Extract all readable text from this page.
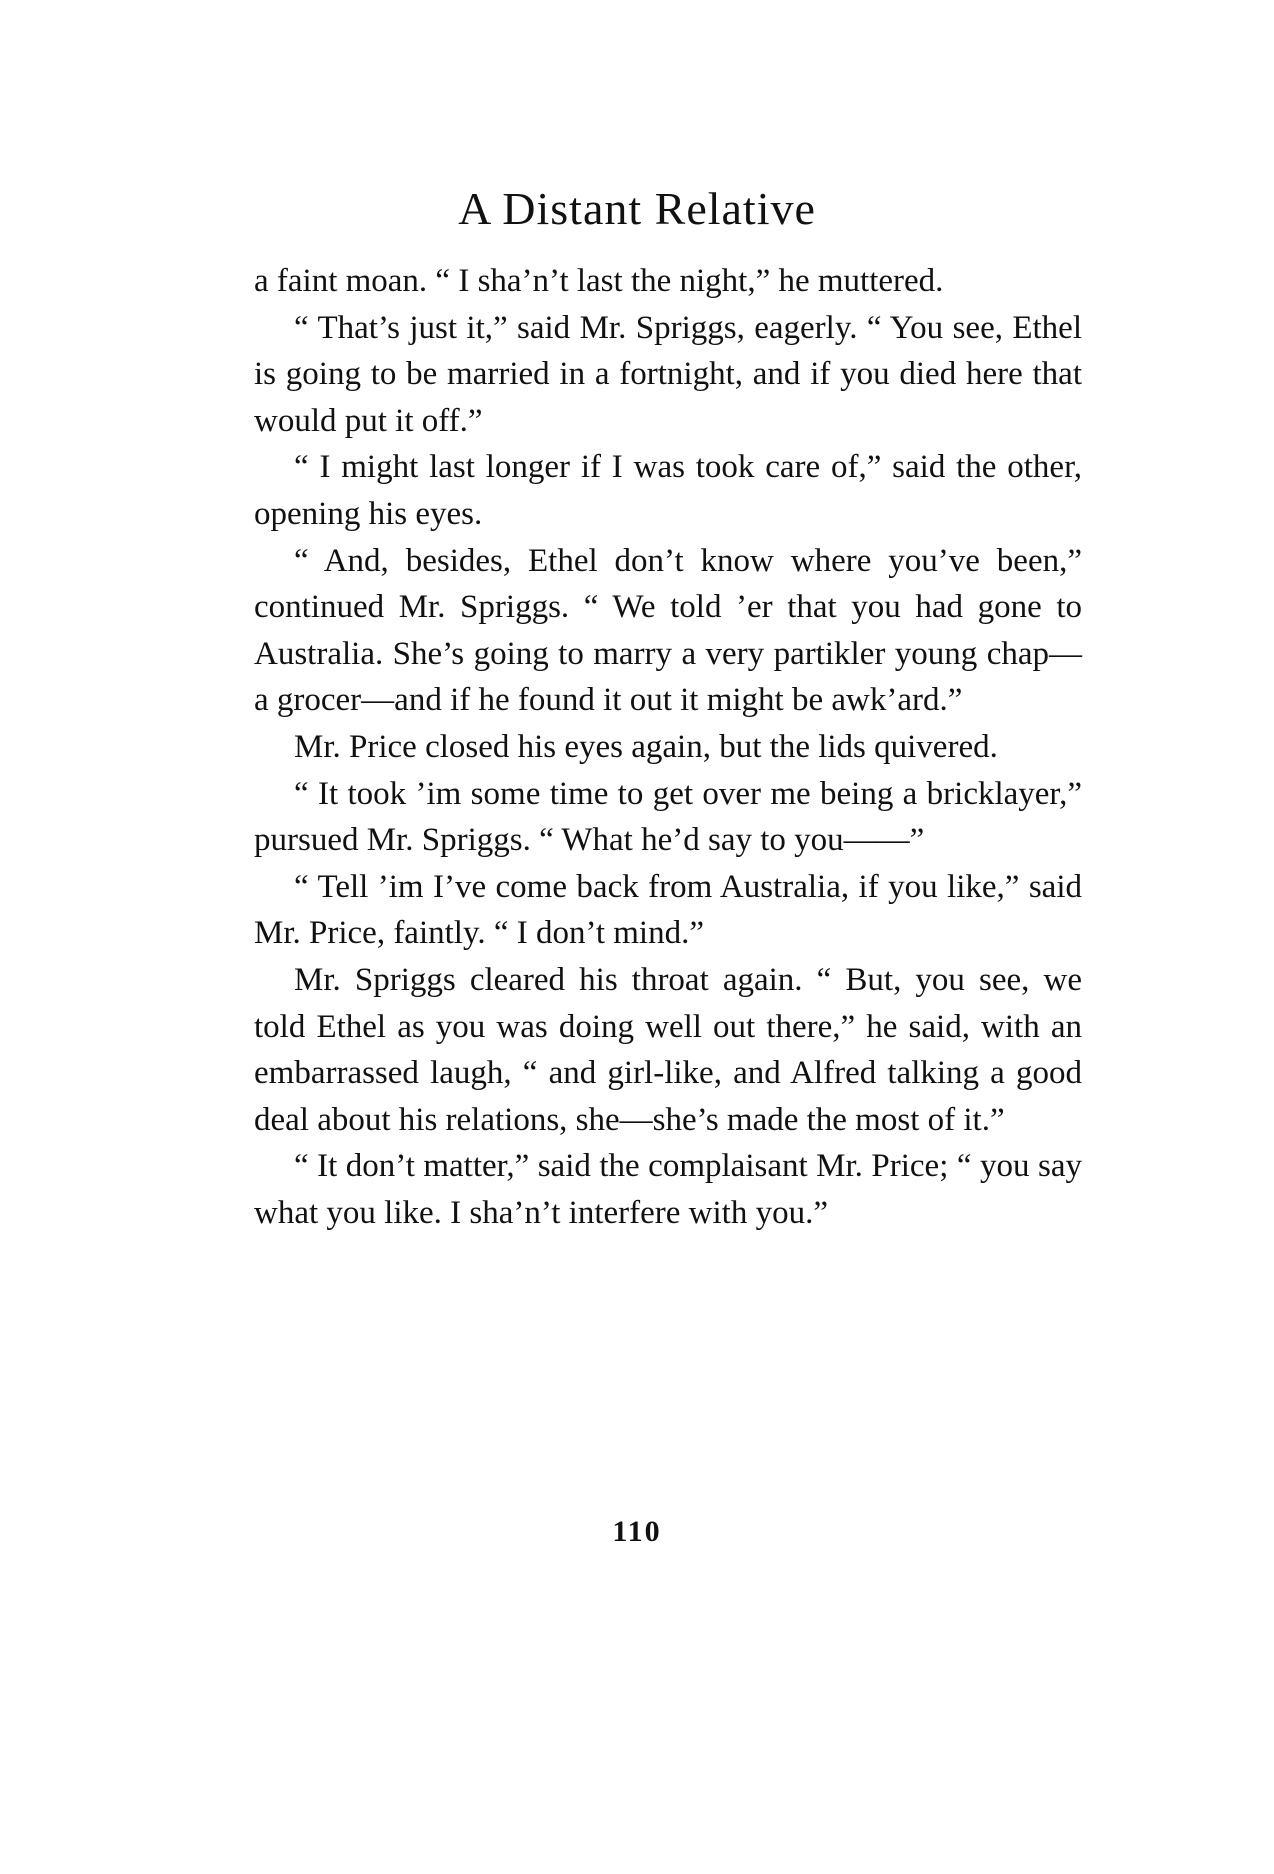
A Distant Relative

a faint moan. “ I sha’n’t last the night,” he muttered.

“ That’s just it,” said Mr. Spriggs, eagerly. “ You see, Ethel is going to be married in a fortnight, and if you died here that would put it off.”

“ I might last longer if I was took care of,” said the other, opening his eyes.

“ And, besides, Ethel don’t know where you’ve been,” continued Mr. Spriggs. “ We told ’er that you had gone to Australia. She’s going to marry a very partikler young chap—a grocer—and if he found it out it might be awk’ard.”

Mr. Price closed his eyes again, but the lids quivered.

“ It took ’im some time to get over me being a bricklayer,” pursued Mr. Spriggs. “ What he’d say to you——”

“ Tell ’im I’ve come back from Australia, if you like,” said Mr. Price, faintly. “ I don’t mind.”

Mr. Spriggs cleared his throat again. “ But, you see, we told Ethel as you was doing well out there,” he said, with an embarrassed laugh, “ and girl-like, and Alfred talking a good deal about his relations, she—she’s made the most of it.”

“ It don’t matter,” said the complaisant Mr. Price; “ you say what you like. I sha’n’t interfere with you.”

110
